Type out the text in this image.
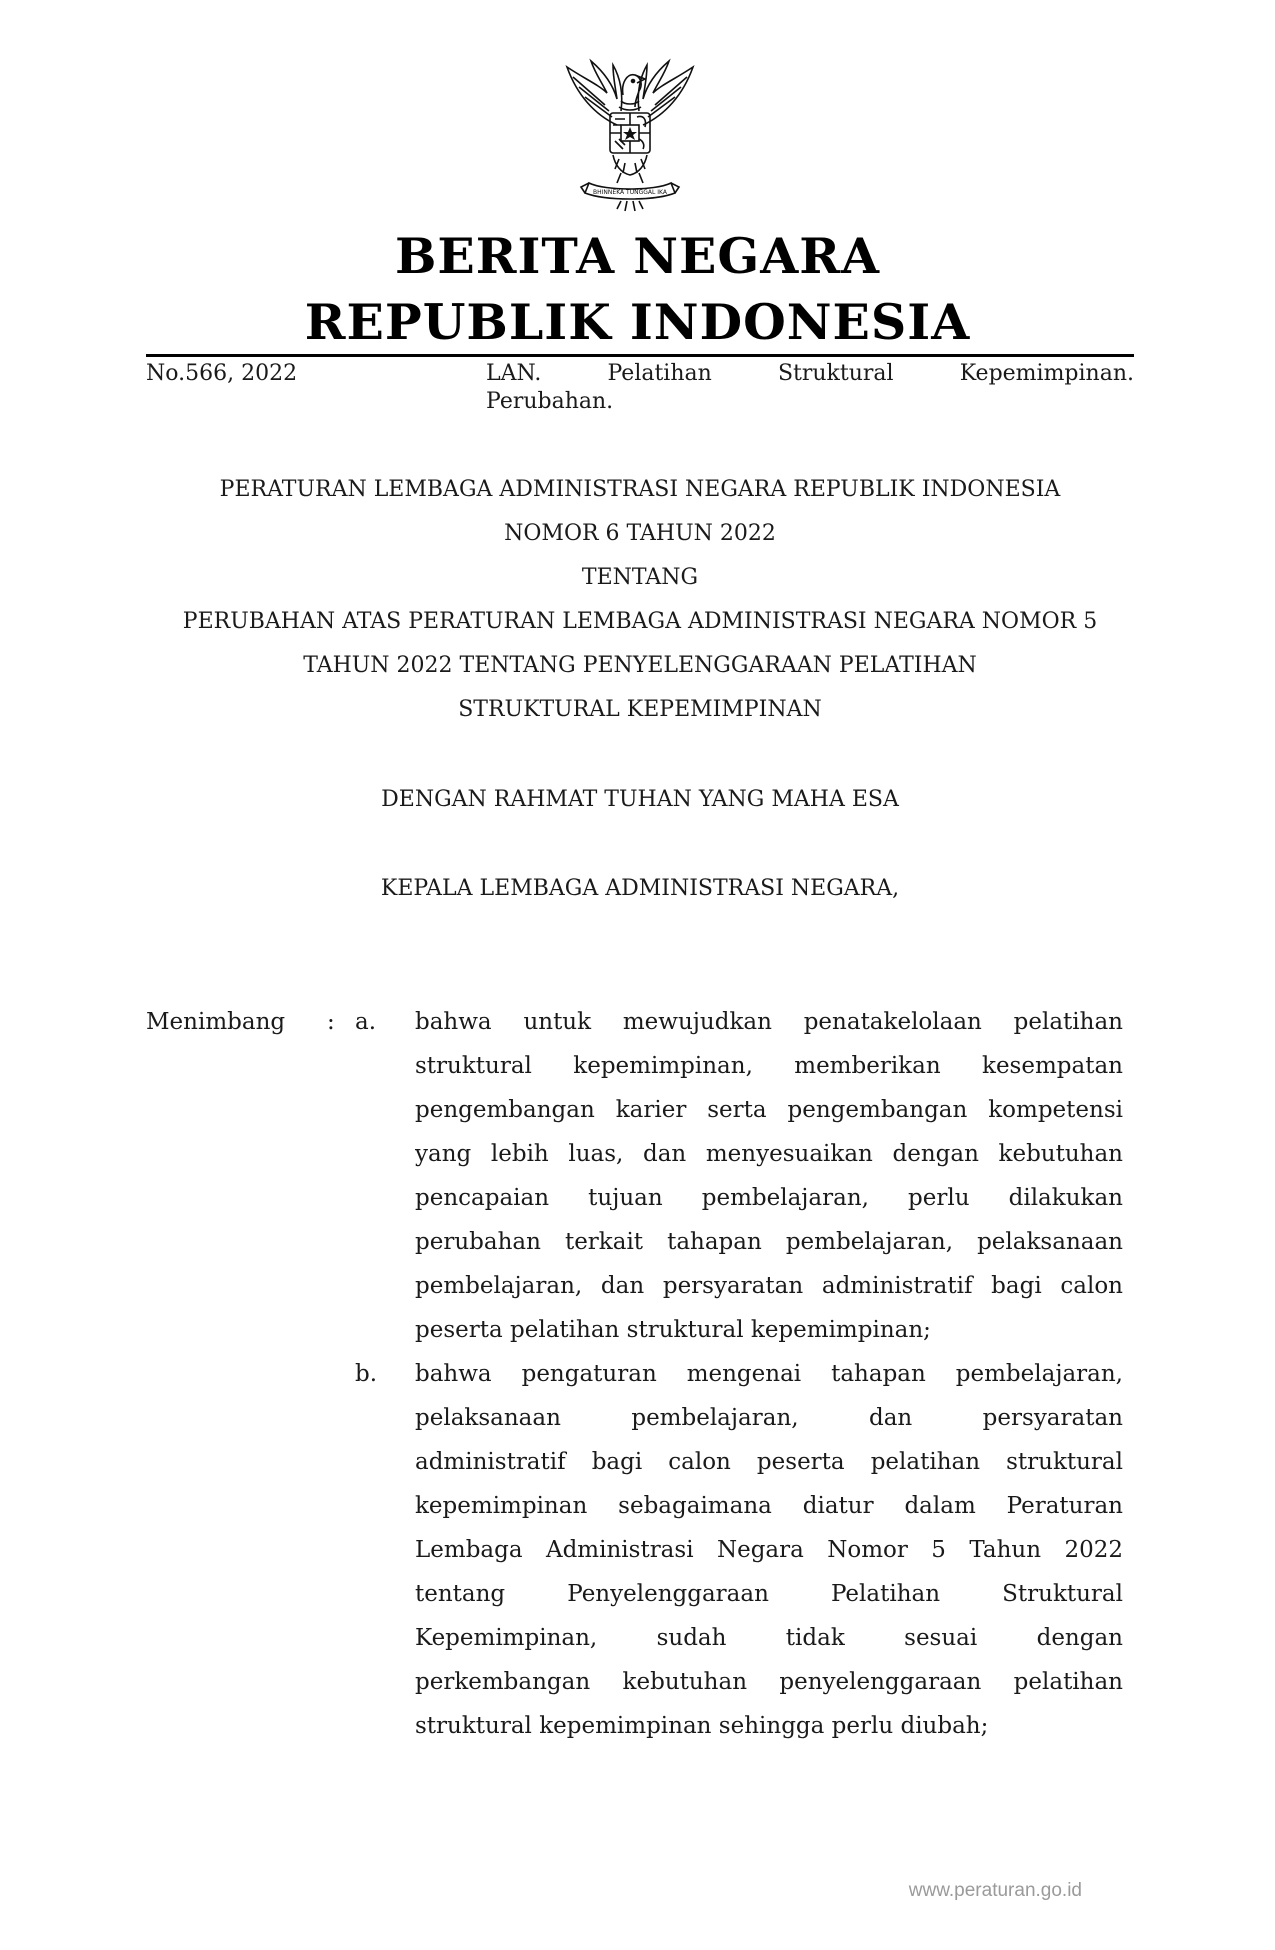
BHINNEKA TUNGGAL IKA
BERITA NEGARA
REPUBLIK INDONESIA
No.566, 2022	LAN.	Pelatihan	Struktural	Kepemimpinan.
Perubahan.
PERATURAN LEMBAGA ADMINISTRASI NEGARA REPUBLIK INDONESIA
NOMOR 6 TAHUN 2022
TENTANG
PERUBAHAN ATAS PERATURAN LEMBAGA ADMINISTRASI NEGARA NOMOR 5
TAHUN 2022 TENTANG PENYELENGGARAAN PELATIHAN
STRUKTURAL KEPEMIMPINAN
DENGAN RAHMAT TUHAN YANG MAHA ESA
KEPALA LEMBAGA ADMINISTRASI NEGARA,
Menimbang : a. bahwa untuk mewujudkan penatakelolaan pelatihan
struktural kepemimpinan, memberikan kesempatan
pengembangan karier serta pengembangan kompetensi
yang lebih luas, dan menyesuaikan dengan kebutuhan
pencapaian tujuan pembelajaran, perlu dilakukan
perubahan terkait tahapan pembelajaran, pelaksanaan
pembelajaran, dan persyaratan administratif bagi calon
peserta pelatihan struktural kepemimpinan;
b. bahwa pengaturan mengenai tahapan pembelajaran,
pelaksanaan pembelajaran, dan persyaratan
administratif bagi calon peserta pelatihan struktural
kepemimpinan sebagaimana diatur dalam Peraturan
Lembaga Administrasi Negara Nomor 5 Tahun 2022
tentang Penyelenggaraan Pelatihan Struktural
Kepemimpinan, sudah tidak sesuai dengan
perkembangan kebutuhan penyelenggaraan pelatihan
struktural kepemimpinan sehingga perlu diubah;
www.peraturan.go.id
